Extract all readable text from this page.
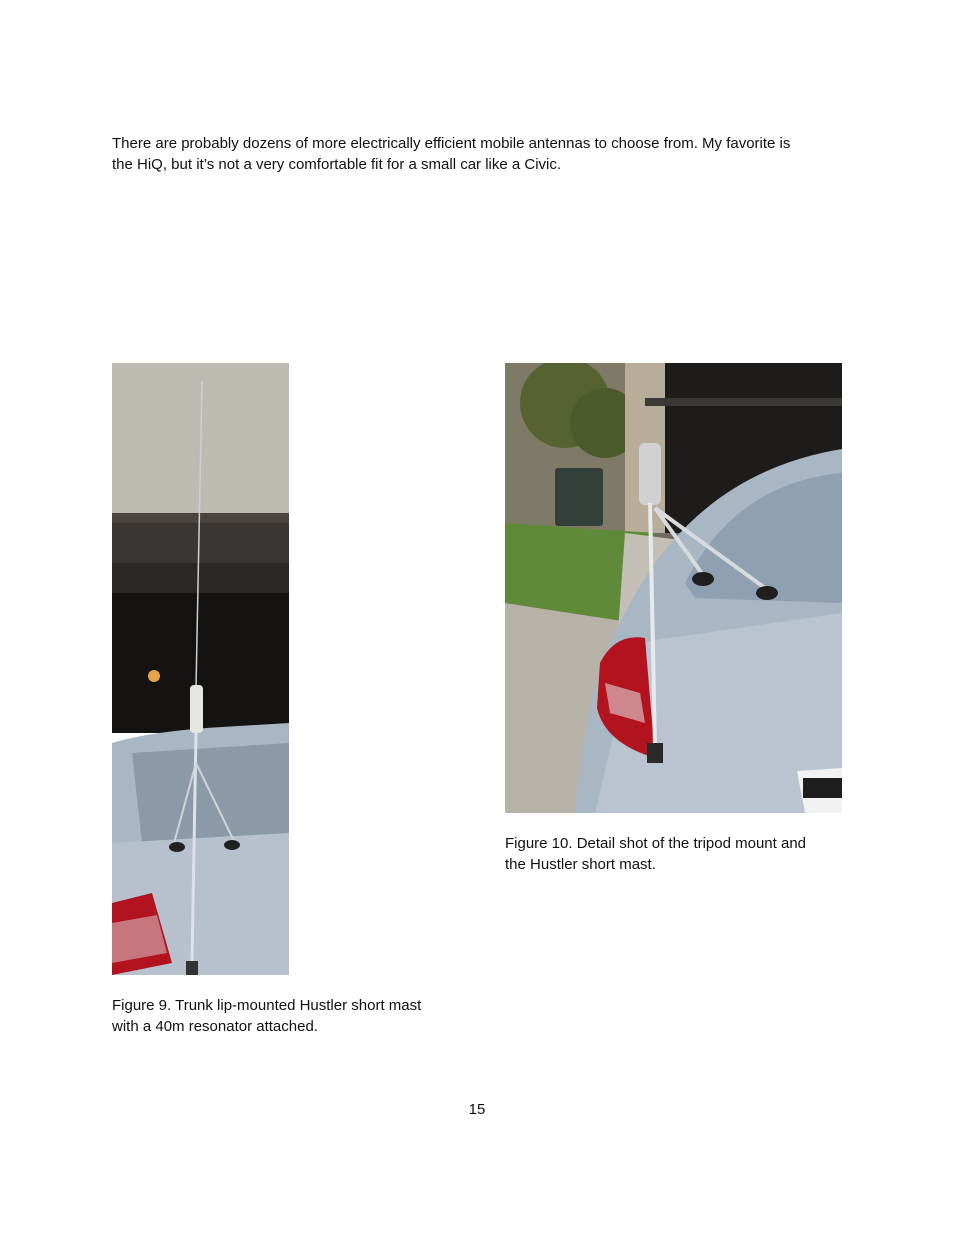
There are probably dozens of more electrically efficient mobile antennas to choose from. My favorite is
the HiQ, but it’s not a very comfortable fit for a small car like a Civic.

Figure 9. Trunk lip-mounted Hustler short mast
with a 40m resonator attached.

Figure 10. Detail shot of the tripod mount and
the Hustler short mast.

15
